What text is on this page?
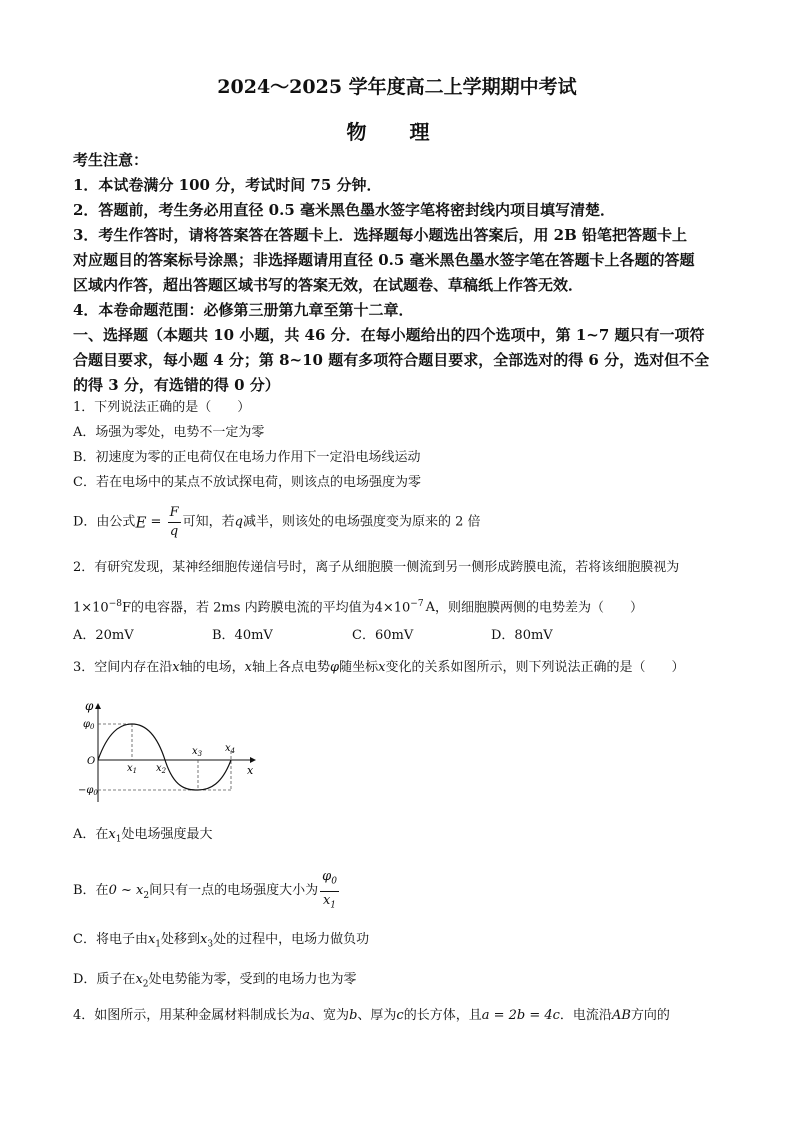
2024～2025 学年度高二上学期期中考试
物 理
考生注意：
1．本试卷满分 100 分，考试时间 75 分钟．
2．答题前，考生务必用直径 0.5 毫米黑色墨水签字笔将密封线内项目填写清楚．
3．考生作答时，请将答案答在答题卡上．选择题每小题选出答案后，用 2B 铅笔把答题卡上
对应题目的答案标号涂黑；非选择题请用直径 0.5 毫米黑色墨水签字笔在答题卡上各题的答题
区域内作答，超出答题区域书写的答案无效，在试题卷、草稿纸上作答无效．
4．本卷命题范围：必修第三册第九章至第十二章．
一、选择题（本题共 10 小题，共 46 分．在每小题给出的四个选项中，第 1~7 题只有一项符
合题目要求，每小题 4 分；第 8~10 题有多项符合题目要求，全部选对的得 6 分，选对但不全
的得 3 分，有选错的得 0 分）
1．下列说法正确的是（　　）
A．场强为零处，电势不一定为零
B．初速度为零的正电荷仅在电场力作用下一定沿电场线运动
C．若在电场中的某点不放试探电荷，则该点的电场强度为零
D．由公式$E = \frac{F}{q}$ 可知，若q减半，则该处的电场强度变为原来的 2 倍
2．有研究发现，某神经细胞传递信号时，离子从细胞膜一侧流到另一侧形成跨膜电流，若将该细胞膜视为
$1\times 10^{-8}F$的电容器，若 2ms 内跨膜电流的平均值为$4\times 10^{-7}$ A，则细胞膜两侧的电势差为（　　）
A．20mV	B．40mV	C．60mV	D．80mV
3．空间内存在沿x轴的电场，x轴上各点电势φ随坐标x变化的关系如图所示，则下列说法正确的是（　　）
φ
x
O
$\varphi_0$
$-\varphi_0$
$x_1$ $x_2$
$x_3$ $x_4$
A．在$x_1$处电场强度最大
B．在0 ~ $x_2$间只有一点的电场强度大小为 $\frac{\varphi_0}{x_1}$
C．将电子由$x_1$处移到$x_3$处的过程中，电场力做负功
D．质子在$x_2$处电势能为零，受到的电场力也为零
4．如图所示，用某种金属材料制成长为a、宽为b、厚为c的长方体，且a = 2b = 4c．电流沿AB方向的
